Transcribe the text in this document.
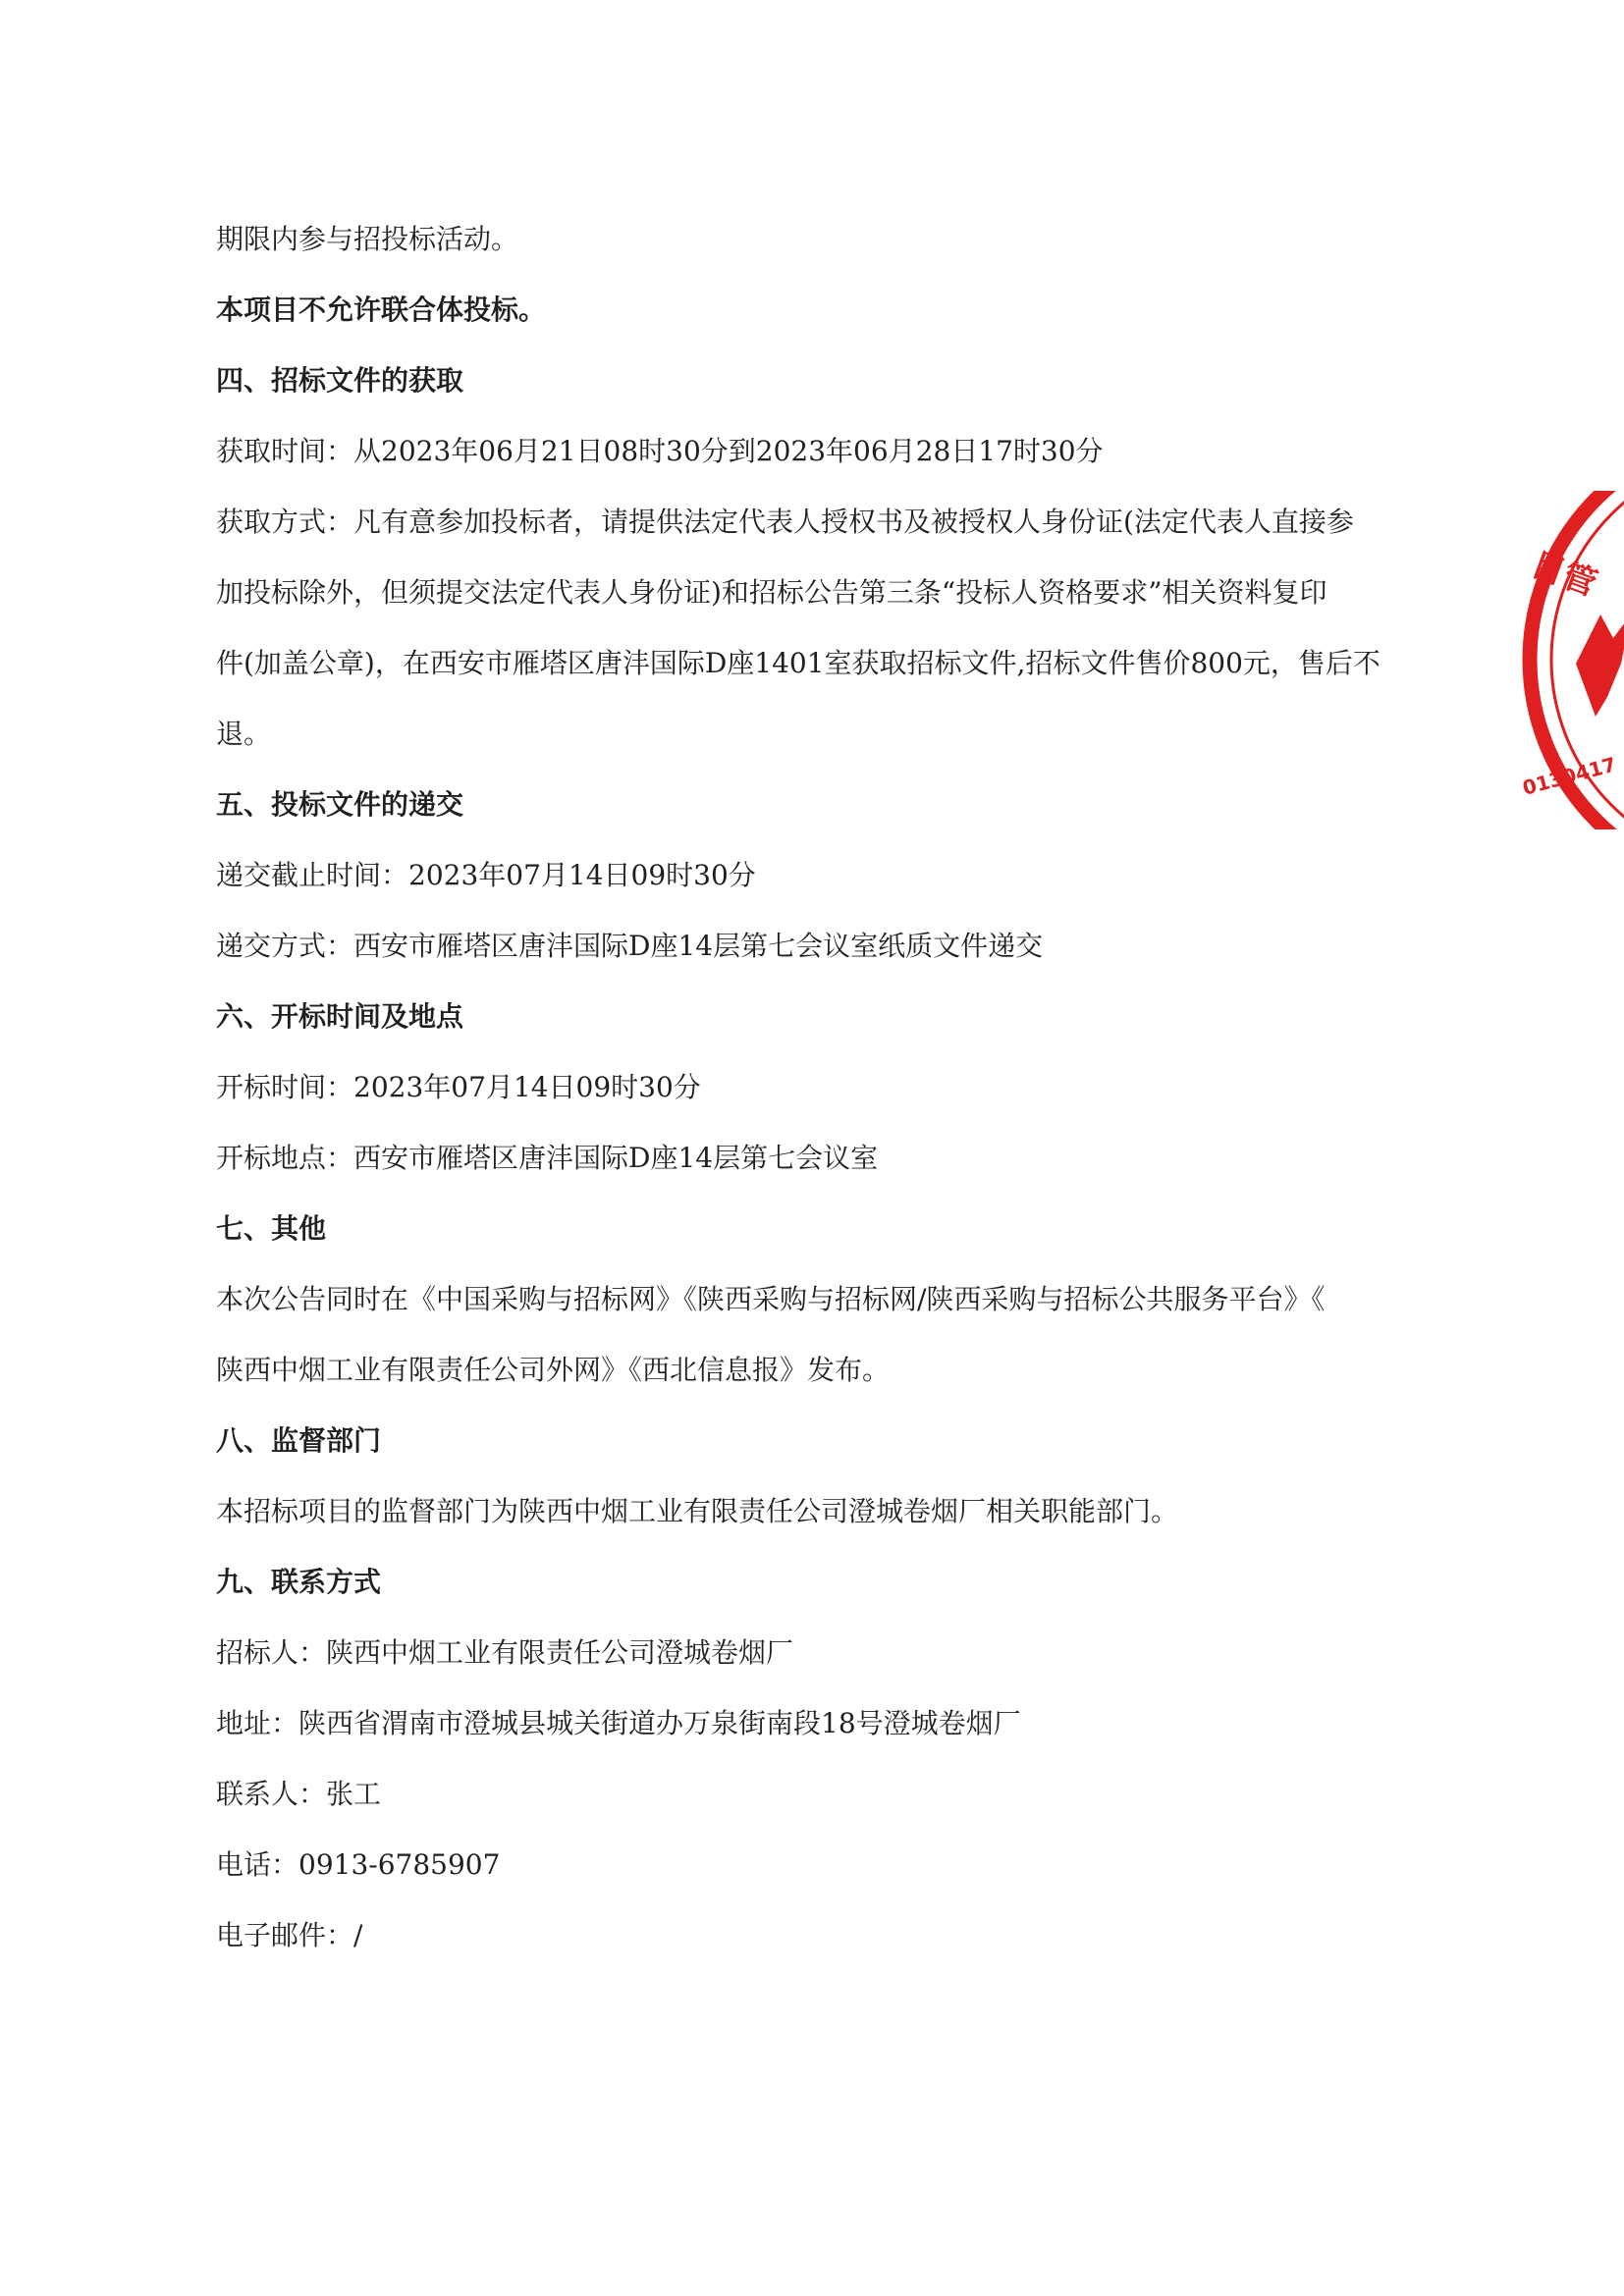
期限内参与招投标活动。
本项目不允许联合体投标。
四、招标文件的获取
获取时间：从2023年06月21日08时30分到2023年06月28日17时30分
获取方式：凡有意参加投标者，请提供法定代表人授权书及被授权人身份证(法定代表人直接参
加投标除外，但须提交法定代表人身份证)和招标公告第三条“投标人资格要求”相关资料复印
件(加盖公章)，在西安市雁塔区唐沣国际D座1401室获取招标文件,招标文件售价800元，售后不
退。
五、投标文件的递交
递交截止时间：2023年07月14日09时30分
递交方式：西安市雁塔区唐沣国际D座14层第七会议室纸质文件递交
六、开标时间及地点
开标时间：2023年07月14日09时30分
开标地点：西安市雁塔区唐沣国际D座14层第七会议室
七、其他
本次公告同时在《中国采购与招标网》《陕西采购与招标网/陕西采购与招标公共服务平台》《
陕西中烟工业有限责任公司外网》《西北信息报》发布。
八、监督部门
本招标项目的监督部门为陕西中烟工业有限责任公司澄城卷烟厂相关职能部门。
九、联系方式
招标人：陕西中烟工业有限责任公司澄城卷烟厂
地址：陕西省渭南市澄城县城关街道办万泉街南段18号澄城卷烟厂
联系人：张工
电话：0913-6785907
电子邮件：/
目管
0130417
